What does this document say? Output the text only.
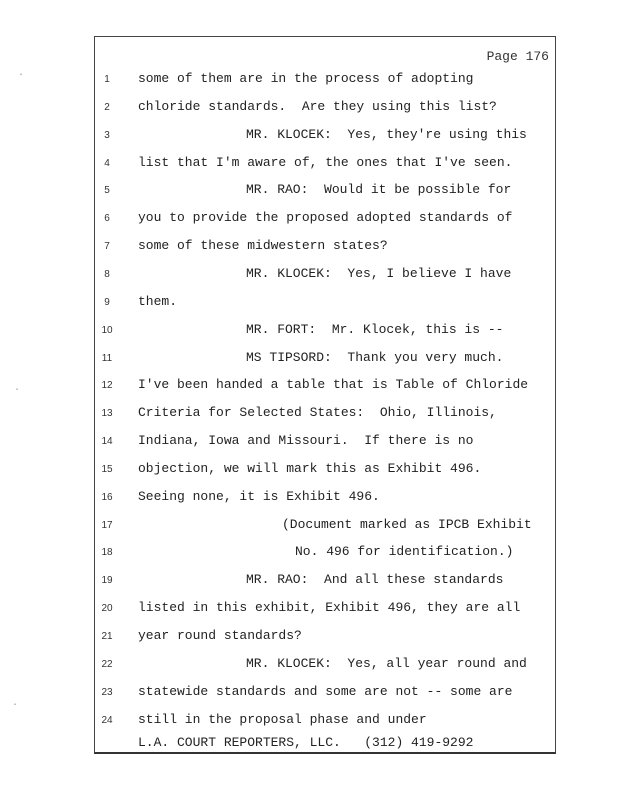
Page 176
1	some of them are in the process of adopting
2	chloride standards.  Are they using this list?
3	MR. KLOCEK:  Yes, they're using this
4	list that I'm aware of, the ones that I've seen.
5	MR. RAO:  Would it be possible for
6	you to provide the proposed adopted standards of
7	some of these midwestern states?
8	MR. KLOCEK:  Yes, I believe I have
9	them.
10	MR. FORT:  Mr. Klocek, this is --
11	MS TIPSORD:  Thank you very much.
12	I've been handed a table that is Table of Chloride
13	Criteria for Selected States:  Ohio, Illinois,
14	Indiana, Iowa and Missouri.  If there is no
15	objection, we will mark this as Exhibit 496.
16	Seeing none, it is Exhibit 496.
17	(Document marked as IPCB Exhibit
18	No. 496 for identification.)
19	MR. RAO:  And all these standards
20	listed in this exhibit, Exhibit 496, they are all
21	year round standards?
22	MR. KLOCEK:  Yes, all year round and
23	statewide standards and some are not -- some are
24	still in the proposal phase and under
L.A. COURT REPORTERS, LLC.   (312) 419-9292
·
·
·
